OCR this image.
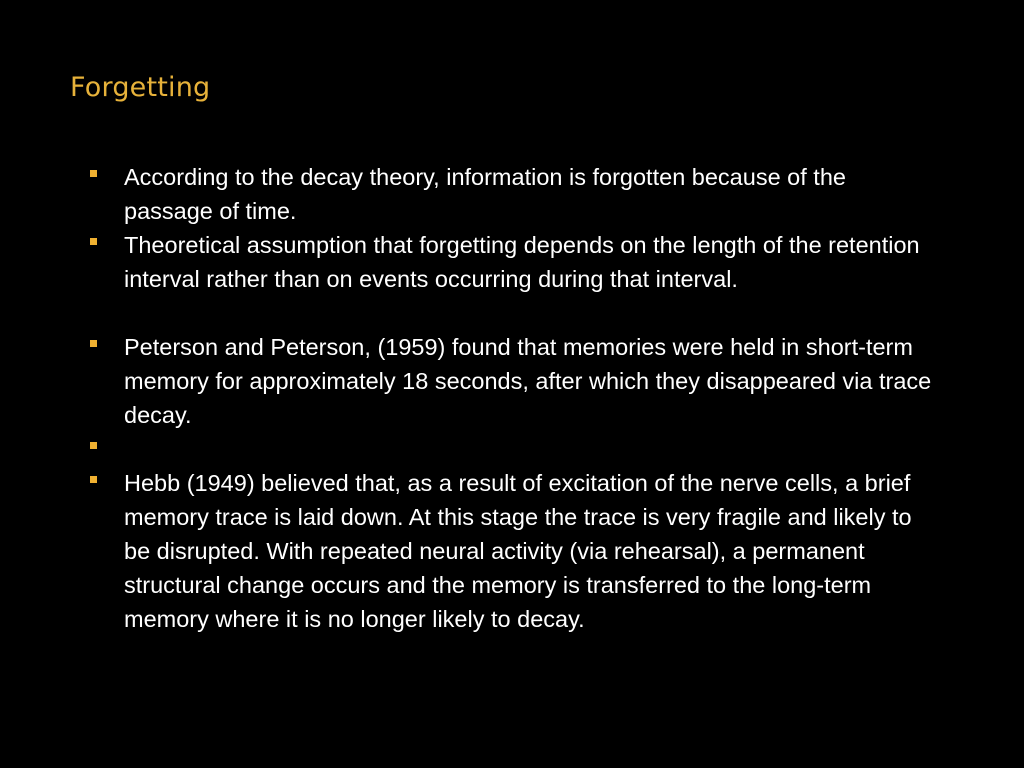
Forgetting
According to the decay theory, information is forgotten because of the passage of time.
Theoretical assumption that forgetting depends on the length of the retention interval rather than on events occurring during that interval.
Peterson and Peterson, (1959) found that memories were held in short-term memory for approximately 18 seconds, after which they disappeared via trace decay.
Hebb (1949) believed that, as a result of excitation of the nerve cells, a brief memory trace is laid down. At this stage the trace is very fragile and likely to be disrupted. With repeated neural activity (via rehearsal), a permanent structural change occurs and the memory is transferred to the long-term memory where it is no longer likely to decay.
